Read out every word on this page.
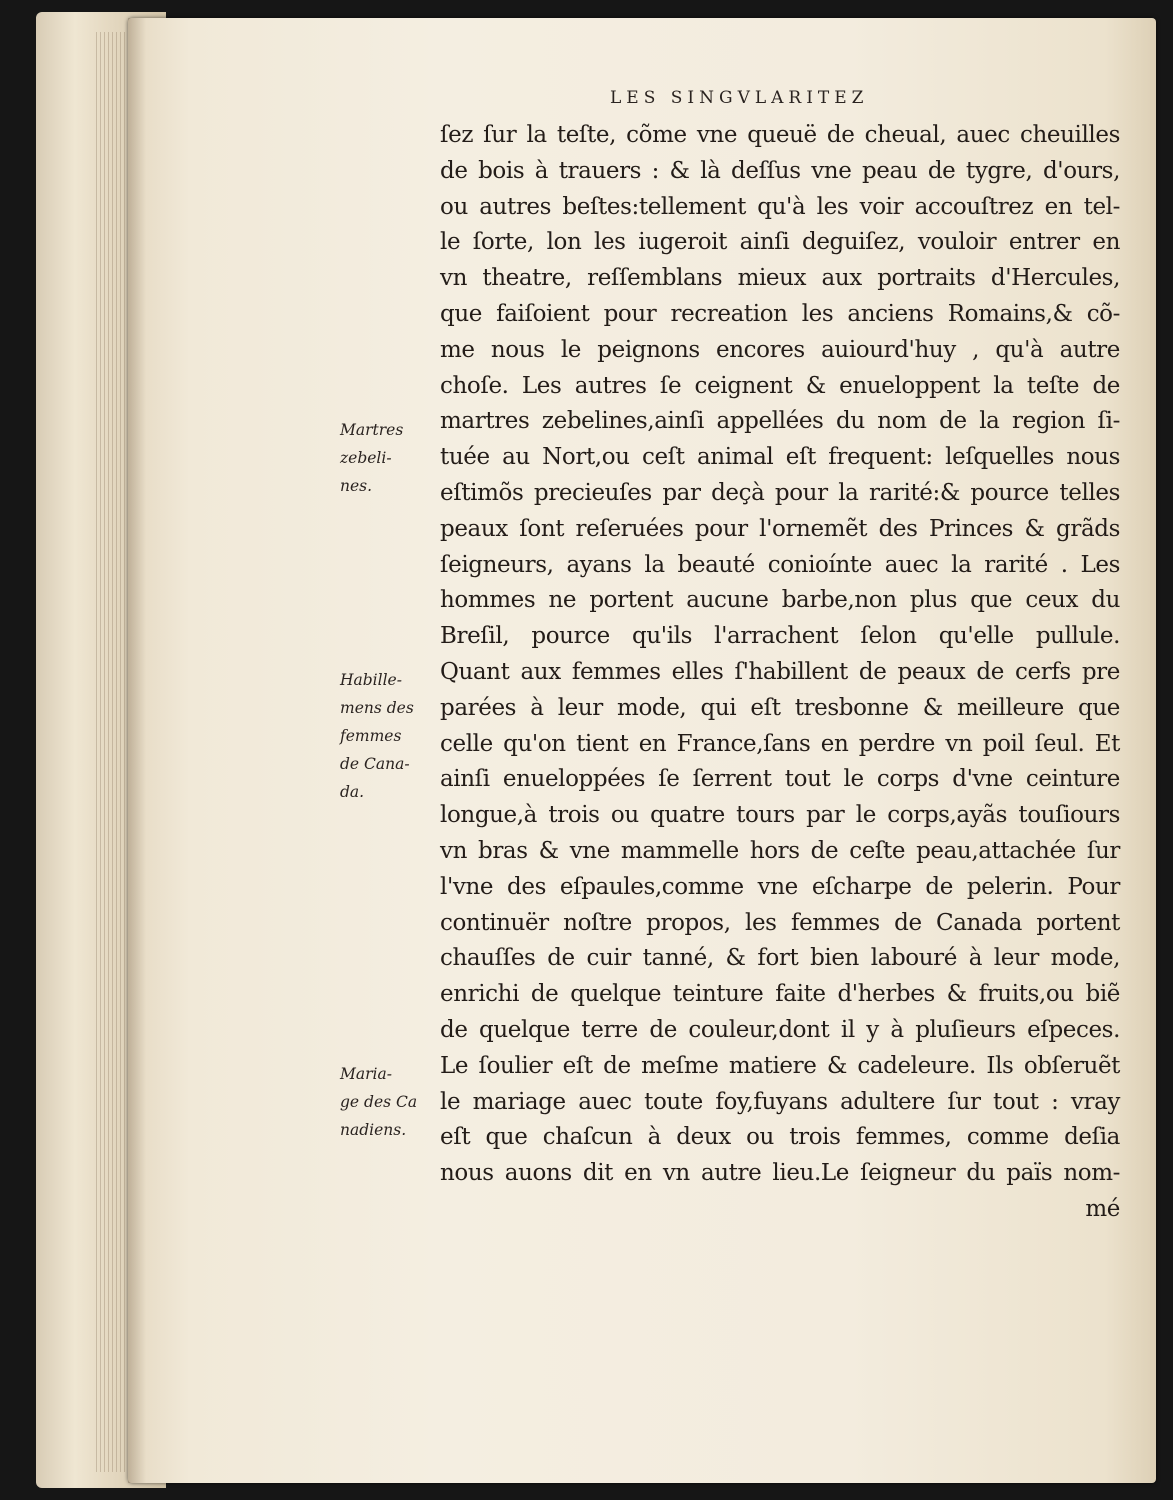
LES SINGVLARITEZ
ſez ſur la teſte, cõme vne queuë de cheual, auec cheuilles
de bois à trauers : & là deſſus vne peau de tygre, d'ours,
ou autres beſtes:tellement qu'à les voir accouſtrez en tel-
le ſorte, lon les iugeroit ainſi deguiſez, vouloir entrer en
vn theatre, reſſemblans mieux aux portraits d'Hercules,
que faiſoient pour recreation les anciens Romains,& cõ-
me nous le peignons encores auiourd'huy , qu'à autre
choſe. Les autres ſe ceignent & enueloppent la teſte de
martres zebelines,ainſi appellées du nom de la region ſi-
tuée au Nort,ou ceſt animal eſt frequent: leſquelles nous
eſtimõs precieuſes par deçà pour la rarité:& pource telles
peaux ſont reſeruées pour l'ornemẽt des Princes & grãds
ſeigneurs, ayans la beauté conioínte auec la rarité . Les
hommes ne portent aucune barbe,non plus que ceux du
Breſil, pource qu'ils l'arrachent ſelon qu'elle pullule.
Quant aux femmes elles ſ'habillent de peaux de cerfs pre
parées à leur mode, qui eſt tresbonne & meilleure que
celle qu'on tient en France,ſans en perdre vn poil ſeul. Et
ainſi enueloppées ſe ſerrent tout le corps d'vne ceinture
longue,à trois ou quatre tours par le corps,ayãs touſiours
vn bras & vne mammelle hors de ceſte peau,attachée ſur
l'vne des eſpaules,comme vne eſcharpe de pelerin. Pour
continuër noſtre propos, les femmes de Canada portent
chauſſes de cuir tanné, & fort bien labouré à leur mode,
enrichi de quelque teinture faite d'herbes & fruits,ou biẽ
de quelque terre de couleur,dont il y à pluſieurs eſpeces.
Le ſoulier eſt de meſme matiere & cadeleure. Ils obſeruẽt
le mariage auec toute foy,fuyans adultere ſur tout : vray
eſt que chaſcun à deux ou trois femmes, comme deſia
nous auons dit en vn autre lieu.Le ſeigneur du païs nom-
mé
Martres
zebeli-
nes.
Habille-
mens des
femmes
de Cana-
da.
Maria-
ge des Ca
nadiens.
